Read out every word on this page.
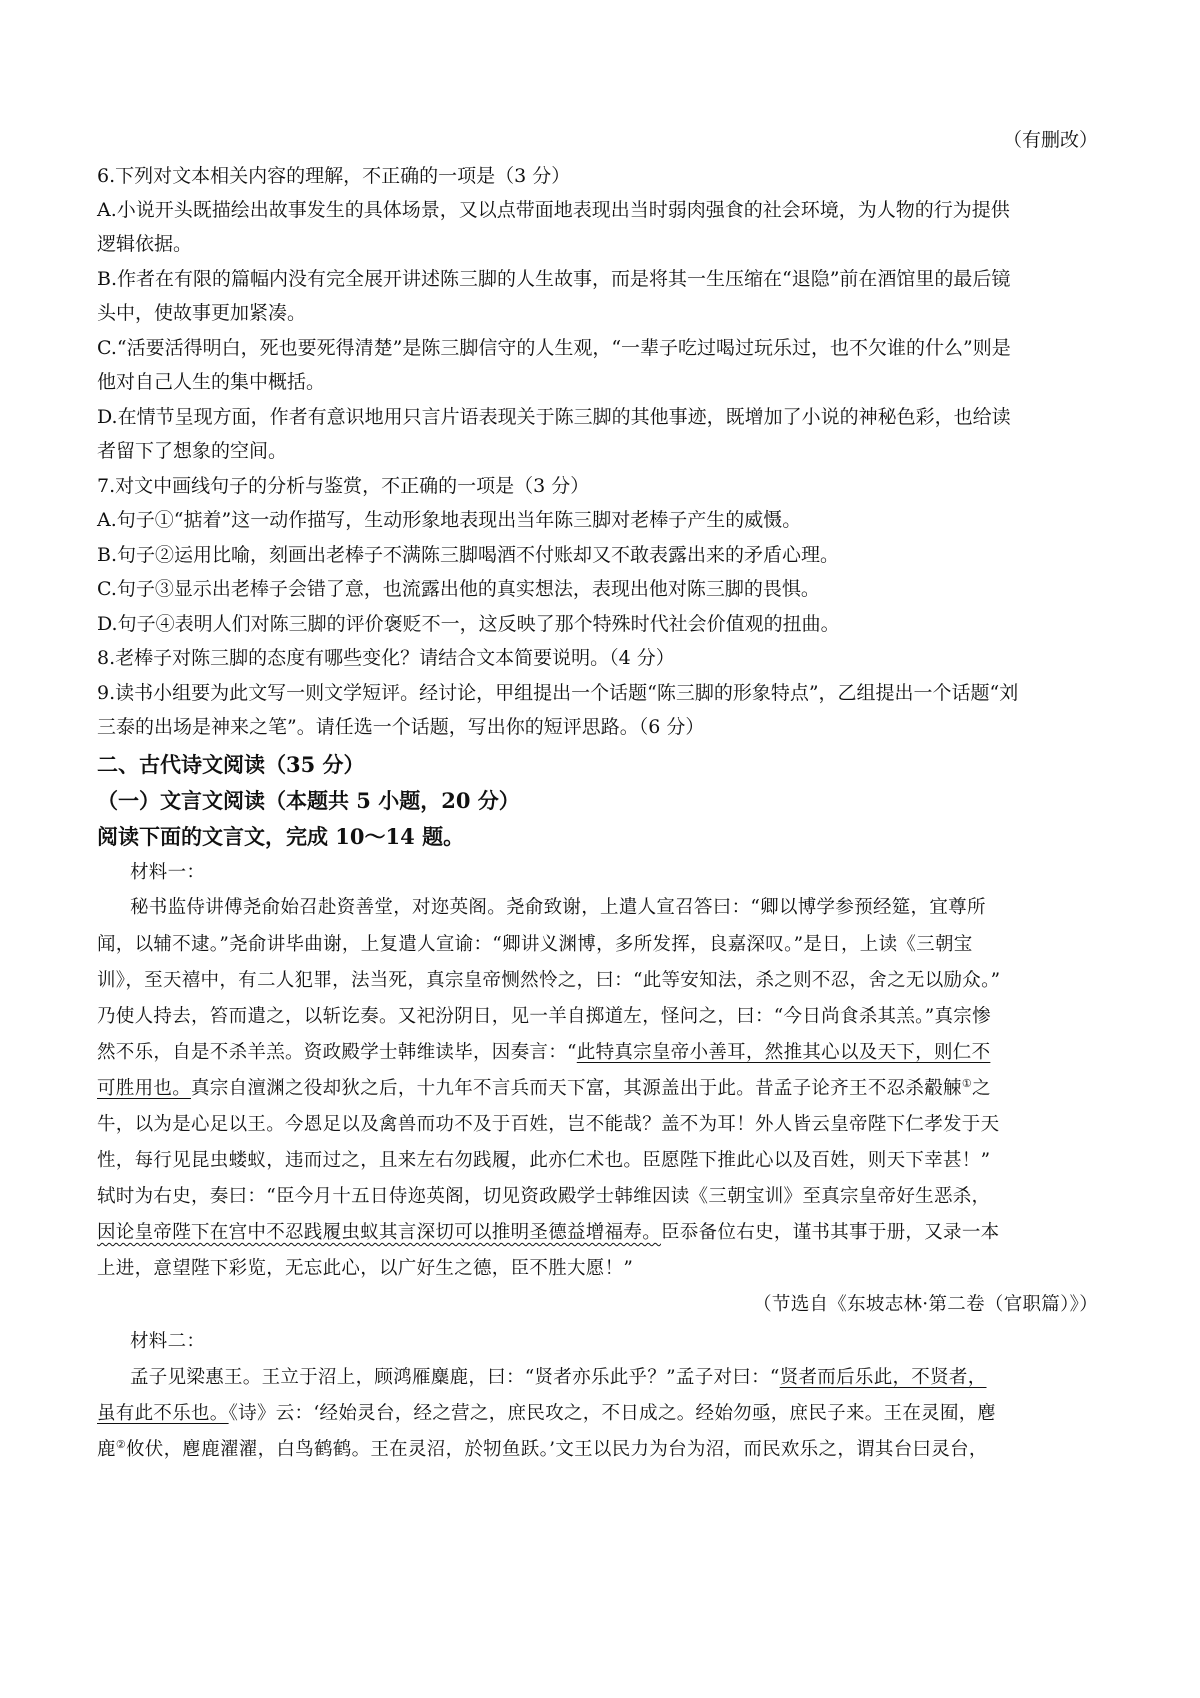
（有删改）
6.下列对文本相关内容的理解，不正确的一项是（3 分）
A.小说开头既描绘出故事发生的具体场景，又以点带面地表现出当时弱肉强食的社会环境，为人物的行为提供
逻辑依据。
B.作者在有限的篇幅内没有完全展开讲述陈三脚的人生故事，而是将其一生压缩在“退隐”前在酒馆里的最后镜
头中，使故事更加紧凑。
C.“活要活得明白，死也要死得清楚”是陈三脚信守的人生观，“一辈子吃过喝过玩乐过，也不欠谁的什么”则是
他对自己人生的集中概括。
D.在情节呈现方面，作者有意识地用只言片语表现关于陈三脚的其他事迹，既增加了小说的神秘色彩，也给读
者留下了想象的空间。
7.对文中画线句子的分析与鉴赏，不正确的一项是（3 分）
A.句子①“掂着”这一动作描写，生动形象地表现出当年陈三脚对老棒子产生的威慑。
B.句子②运用比喻，刻画出老棒子不满陈三脚喝酒不付账却又不敢表露出来的矛盾心理。
C.句子③显示出老棒子会错了意，也流露出他的真实想法，表现出他对陈三脚的畏惧。
D.句子④表明人们对陈三脚的评价褒贬不一，这反映了那个特殊时代社会价值观的扭曲。
8.老棒子对陈三脚的态度有哪些变化？请结合文本简要说明。（4 分）
9.读书小组要为此文写一则文学短评。经讨论，甲组提出一个话题“陈三脚的形象特点”，乙组提出一个话题“刘
三泰的出场是神来之笔”。请任选一个话题，写出你的短评思路。（6 分）
二、古代诗文阅读（35 分）
（一）文言文阅读（本题共 5 小题，20 分）
阅读下面的文言文，完成 10～14 题。
材料一：
秘书监侍讲傅尧俞始召赴资善堂，对迩英阁。尧俞致谢，上遣人宣召答曰：“卿以博学参预经筵，宜尊所
闻，以辅不逮。”尧俞讲毕曲谢，上复遣人宣谕：“卿讲义渊博，多所发挥，良嘉深叹。”是日，上读《三朝宝
训》，至天禧中，有二人犯罪，法当死，真宗皇帝恻然怜之，曰：“此等安知法，杀之则不忍，舍之无以励众。”
乃使人持去，笞而遣之，以斩讫奏。又祀汾阴日，见一羊自掷道左，怪问之，曰：“今日尚食杀其羔。”真宗惨
然不乐，自是不杀羊羔。资政殿学士韩维读毕，因奏言：“此特真宗皇帝小善耳，然推其心以及天下，则仁不
可胜用也。真宗自澶渊之役却狄之后，十九年不言兵而天下富，其源盖出于此。昔孟子论齐王不忍杀觳觫①之
牛，以为是心足以王。今恩足以及禽兽而功不及于百姓，岂不能哉？盖不为耳！外人皆云皇帝陛下仁孝发于天
性，每行见昆虫蝼蚁，违而过之，且来左右勿践履，此亦仁术也。臣愿陛下推此心以及百姓，则天下幸甚！”
轼时为右史，奏曰：“臣今月十五日侍迩英阁，切见资政殿学士韩维因读《三朝宝训》至真宗皇帝好生恶杀，
因论皇帝陛下在宫中不忍践履虫蚁其言深切可以推明圣德益增福寿。臣忝备位右史，谨书其事于册，又录一本
上进，意望陛下彩览，无忘此心，以广好生之德，臣不胜大愿！”
（节选自《东坡志林·第二卷（官职篇）》）
材料二：
孟子见梁惠王。王立于沼上，顾鸿雁麋鹿，曰：“贤者亦乐此乎？”孟子对曰：“贤者而后乐此，不贤者，
虽有此不乐也。《诗》云：‘经始灵台，经之营之，庶民攻之，不日成之。经始勿亟，庶民子来。王在灵囿，麀
鹿②攸伏，麀鹿濯濯，白鸟鹤鹤。王在灵沼，於牣鱼跃。’文王以民力为台为沼，而民欢乐之，谓其台曰灵台，
